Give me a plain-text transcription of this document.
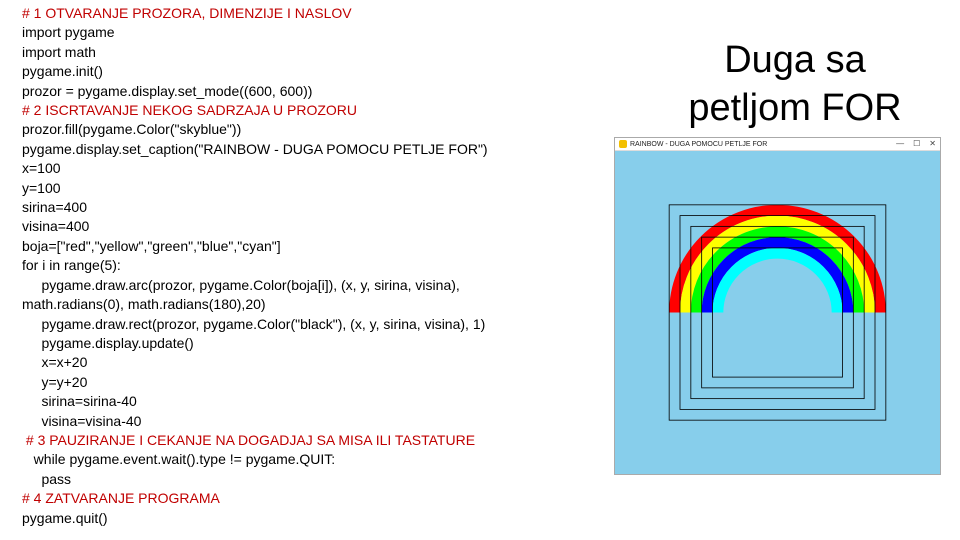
# 1 OTVARANJE PROZORA, DIMENZIJE I NASLOV
import pygame
import math
pygame.init()
prozor = pygame.display.set_mode((600, 600))
# 2 ISCRTAVANJE NEKOG SADRZAJA U PROZORU
prozor.fill(pygame.Color("skyblue"))
pygame.display.set_caption("RAINBOW - DUGA POMOCU PETLJE FOR")
x=100
y=100
sirina=400
visina=400
boja=["red","yellow","green","blue","cyan"]
for i in range(5):
pygame.draw.arc(prozor, pygame.Color(boja[i]), (x, y, sirina, visina),
math.radians(0), math.radians(180),20)
pygame.draw.rect(prozor, pygame.Color("black"), (x, y, sirina, visina), 1)
pygame.display.update()
x=x+20
y=y+20
sirina=sirina-40
visina=visina-40
# 3 PAUZIRANJE I CEKANJE NA DOGADJAJ SA MISA ILI TASTATURE
while pygame.event.wait().type != pygame.QUIT:
pass
# 4 ZATVARANJE PROGRAMA
pygame.quit()
Duga sa
petljom FOR
RAINBOW - DUGA POMOCU PETLJE FOR	— ☐ ✕
